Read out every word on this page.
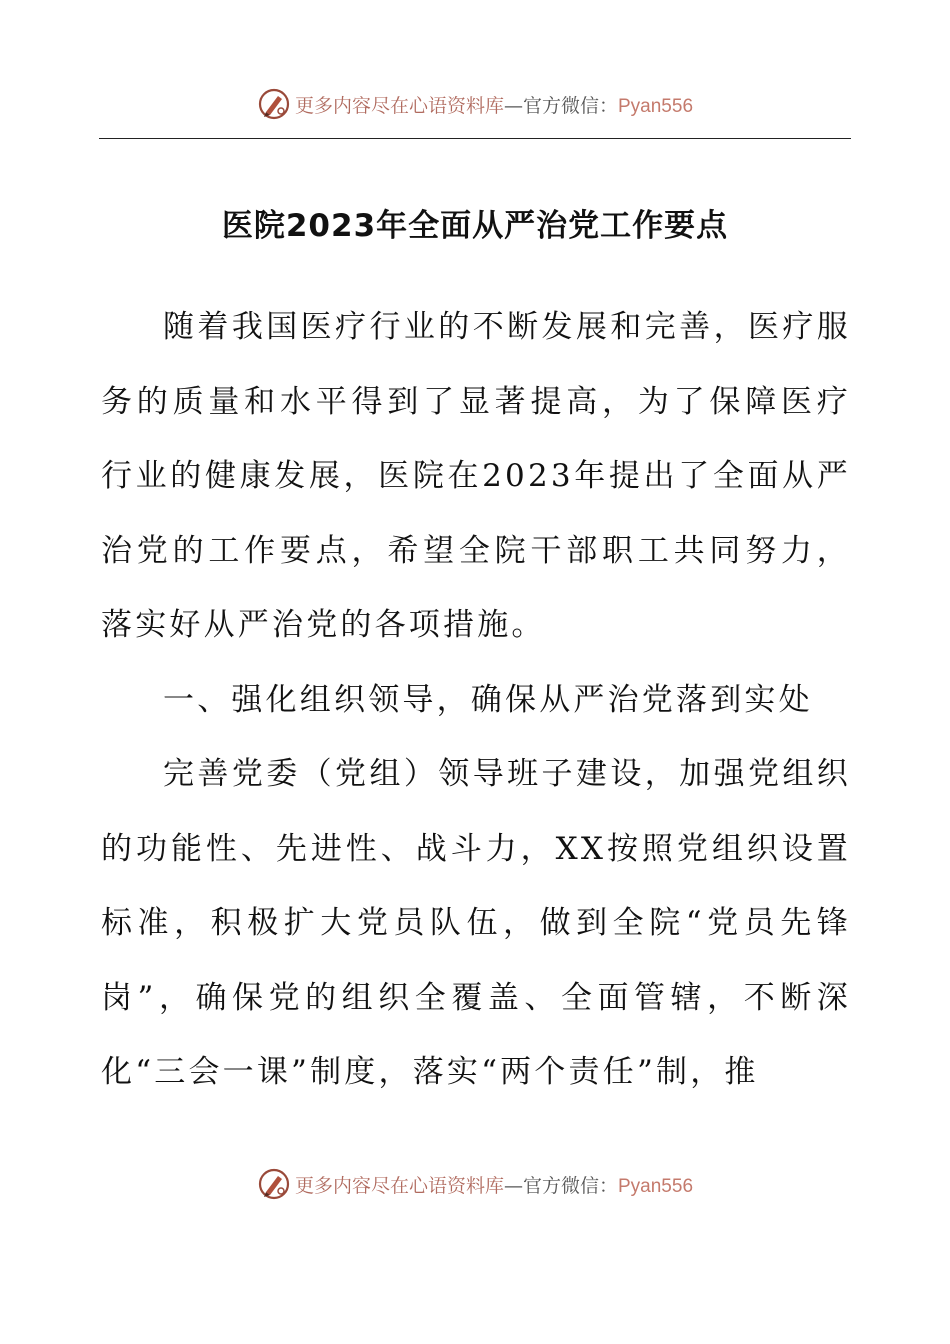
更多内容尽在心语资料库—官方微信：Pyan556
医院2023年全面从严治党工作要点

随着我国医疗行业的不断发展和完善，医疗服务的质量和水平得到了显著提高，为了保障医疗行业的健康发展，医院在2023年提出了全面从严治党的工作要点，希望全院干部职工共同努力，落实好从严治党的各项措施。

一、强化组织领导，确保从严治党落到实处

完善党委（党组）领导班子建设，加强党组织的功能性、先进性、战斗力，XX按照党组织设置标准，积极扩大党员队伍，做到全院“党员先锋岗”，确保党的组织全覆盖、全面管辖，不断深化“三会一课”制度，落实“两个责任”制，推

更多内容尽在心语资料库—官方微信：Pyan556
